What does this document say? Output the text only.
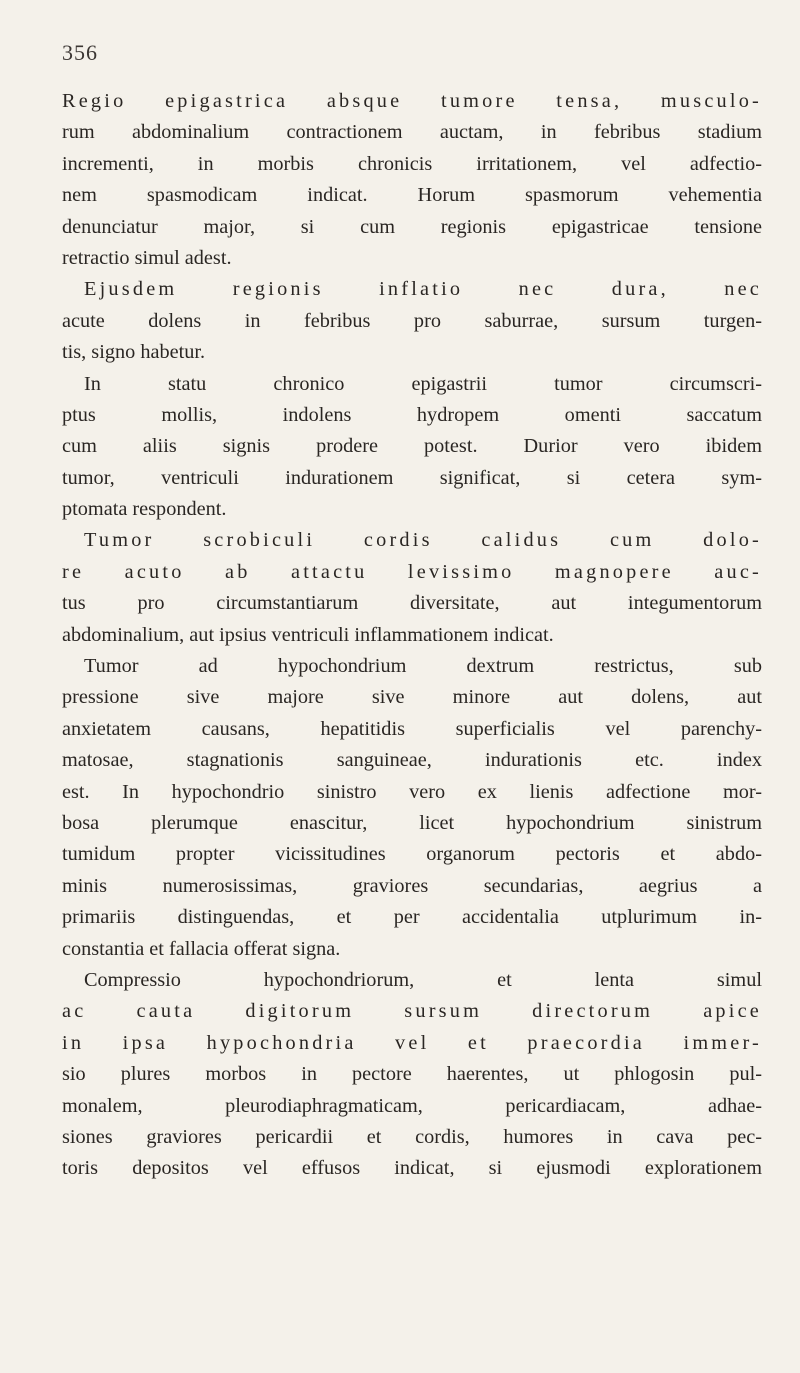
356
Regio epigastrica absque tumore tensa, musculo-
rum abdominalium contractionem auctam, in febribus stadium
incrementi, in morbis chronicis irritationem, vel adfectio-
nem spasmodicam indicat. Horum spasmorum vehementia
denunciatur major, si cum regionis epigastricae tensione
retractio simul adest.
Ejusdem regionis inflatio nec dura, nec
acute dolens in febribus pro saburrae, sursum turgen-
tis, signo habetur.
In statu chronico epigastrii tumor circumscri-
ptus mollis, indolens hydropem omenti saccatum
cum aliis signis prodere potest. Durior vero ibidem
tumor, ventriculi indurationem significat, si cetera sym-
ptomata respondent.
Tumor scrobiculi cordis calidus cum dolo-
re acuto ab attactu levissimo magnopere auc-
tus pro circumstantiarum diversitate, aut integumentorum
abdominalium, aut ipsius ventriculi inflammationem indicat.
Tumor ad hypochondrium dextrum restrictus, sub
pressione sive majore sive minore aut dolens, aut
anxietatem causans, hepatitidis superficialis vel parenchy-
matosae, stagnationis sanguineae, indurationis etc. index
est. In hypochondrio sinistro vero ex lienis adfectione mor-
bosa plerumque enascitur, licet hypochondrium sinistrum
tumidum propter vicissitudines organorum pectoris et abdo-
minis numerosissimas, graviores secundarias, aegrius a
primariis distinguendas, et per accidentalia utplurimum in-
constantia et fallacia offerat signa.
Compressio hypochondriorum, et lenta simul
ac cauta digitorum sursum directorum apice
in ipsa hypochondria vel et praecordia immer-
sio plures morbos in pectore haerentes, ut phlogosin pul-
monalem, pleurodiaphragmaticam, pericardiacam, adhae-
siones graviores pericardii et cordis, humores in cava pec-
toris depositos vel effusos indicat, si ejusmodi explorationem
